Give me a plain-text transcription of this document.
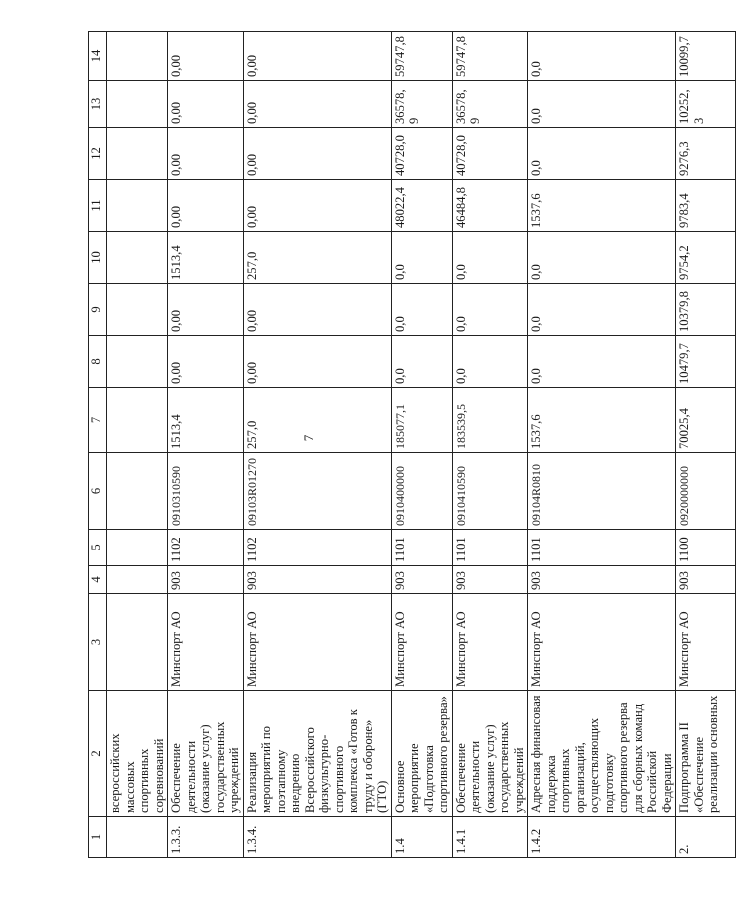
7
1	2	3	4	5	6	7	8	9	10	11	12	13	14
	всероссийских массовых спортивных соревнований												
1.3.3.	Обеспечение деятельности (оказание услуг) государственных учреждений	Минспорт АО	903	1102	0910310590	1513,4	0,00	0,00	1513,4	0,00	0,00	0,00	0,00
1.3.4.	Реализация мероприятий по поэтапному внедрению Всероссийского физкультурно-спортивного комплекса «Готов к труду и обороне» (ГТО)	Минспорт АО	903	1102	09103R01270	257,0	0,00	0,00	257,0	0,00	0,00	0,00	0,00
1.4	Основное мероприятие «Подготовка спортивного резерва»	Минспорт АО	903	1101	0910400000	185077,1	0,0	0,0	0,0	48022,4	40728,0	36578,9	59747,8
1.4.1	Обеспечение деятельности (оказание услуг) государственных учреждений	Минспорт АО	903	1101	0910410590	183539,5	0,0	0,0	0,0	46484,8	40728,0	36578,9	59747,8
1.4.2	Адресная финансовая поддержка спортивных организаций, осуществляющих подготовку спортивного резерва для сборных команд Российской Федерации	Минспорт АО	903	1101	09104R0810	1537,6	0,0	0,0	0,0	1537,6	0,0	0,0	0,0
2.	Подпрограмма II «Обеспечение реализации основных	Минспорт АО	903	1100	0920000000	70025,4	10479,7	10379,8	9754,2	9783,4	9276,3	10252,3	10099,7
